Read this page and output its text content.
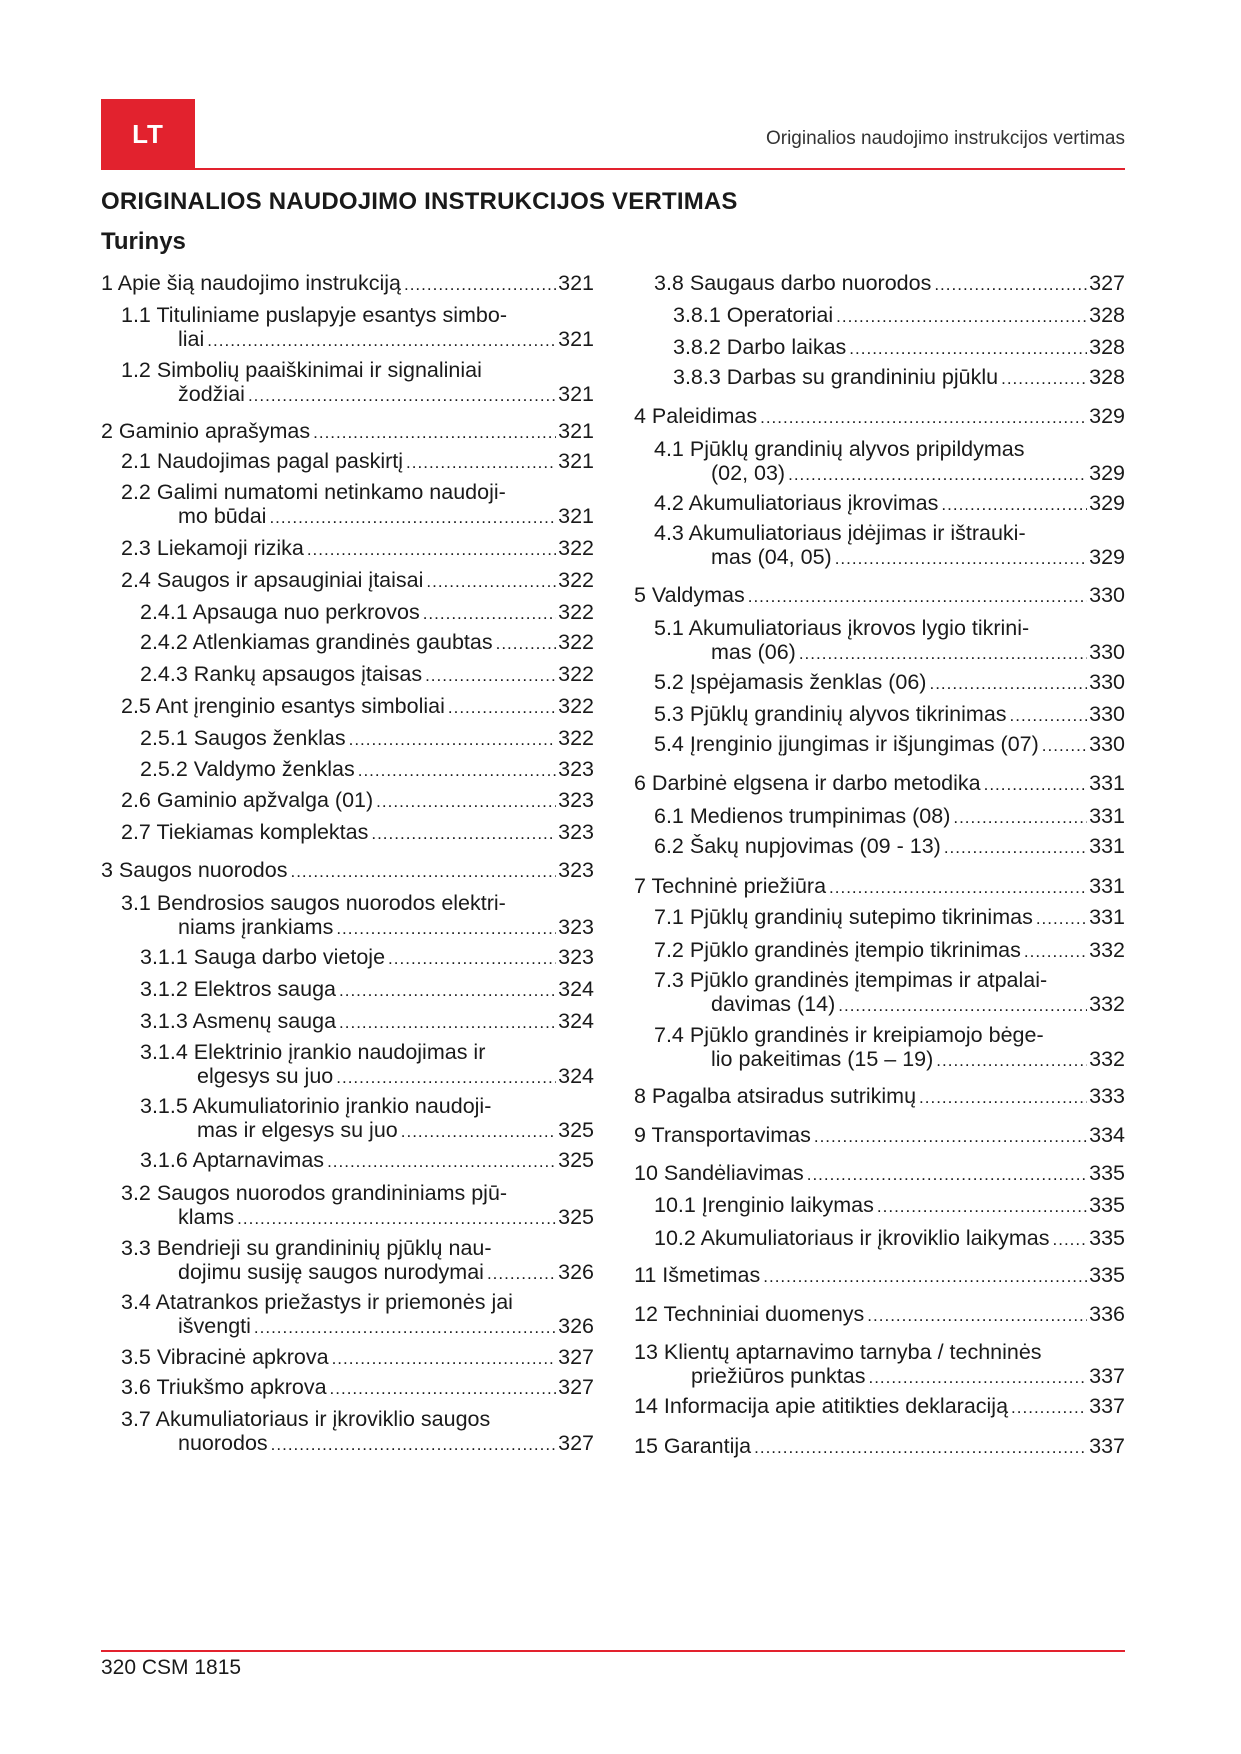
LT	Originalios naudojimo instrukcijos vertimas
ORIGINALIOS NAUDOJIMO INSTRUKCIJOS VERTIMAS
Turinys
1 Apie šią naudojimo instrukciją .....	321
1.1 Tituliniame puslapyje esantys simbo-
liai .....	321
1.2 Simbolių paaiškinimai ir signaliniai
žodžiai .....	321
2 Gaminio aprašymas .....	321
2.1 Naudojimas pagal paskirtį .....	321
2.2 Galimi numatomi netinkamo naudoji-
mo būdai .....	321
2.3 Liekamoji rizika .....	322
2.4 Saugos ir apsauginiai įtaisai .....	322
2.4.1 Apsauga nuo perkrovos .....	322
2.4.2 Atlenkiamas grandinės gaubtas .....	322
2.4.3 Rankų apsaugos įtaisas .....	322
2.5 Ant įrenginio esantys simboliai .....	322
2.5.1 Saugos ženklas .....	322
2.5.2 Valdymo ženklas .....	323
2.6 Gaminio apžvalga (01) .....	323
2.7 Tiekiamas komplektas .....	323
3 Saugos nuorodos .....	323
3.1 Bendrosios saugos nuorodos elektri-
niams įrankiams .....	323
3.1.1 Sauga darbo vietoje .....	323
3.1.2 Elektros sauga .....	324
3.1.3 Asmenų sauga .....	324
3.1.4 Elektrinio įrankio naudojimas ir
elgesys su juo .....	324
3.1.5 Akumuliatorinio įrankio naudoji-
mas ir elgesys su juo .....	325
3.1.6 Aptarnavimas .....	325
3.2 Saugos nuorodos grandininiams pjū-
klams .....	325
3.3 Bendrieji su grandininių pjūklų nau-
dojimu susiję saugos nurodymai .....	326
3.4 Atatrankos priežastys ir priemonės jai
išvengti .....	326
3.5 Vibracinė apkrova .....	327
3.6 Triukšmo apkrova .....	327
3.7 Akumuliatoriaus ir įkroviklio saugos
nuorodos .....	327
3.8 Saugaus darbo nuorodos .....	327
3.8.1 Operatoriai .....	328
3.8.2 Darbo laikas .....	328
3.8.3 Darbas su grandininiu pjūklu .....	328
4 Paleidimas .....	329
4.1 Pjūklų grandinių alyvos pripildymas
(02, 03) .....	329
4.2 Akumuliatoriaus įkrovimas .....	329
4.3 Akumuliatoriaus įdėjimas ir ištrauki-
mas (04, 05) .....	329
5 Valdymas .....	330
5.1 Akumuliatoriaus įkrovos lygio tikrini-
mas (06) .....	330
5.2 Įspėjamasis ženklas (06) .....	330
5.3 Pjūklų grandinių alyvos tikrinimas .....	330
5.4 Įrenginio įjungimas ir išjungimas (07) ..... 330
6 Darbinė elgsena ir darbo metodika .....	331
6.1 Medienos trumpinimas (08) .....	331
6.2 Šakų nupjovimas (09 - 13) .....	331
7 Techninė priežiūra .....	331
7.1 Pjūklų grandinių sutepimo tikrinimas .....	331
7.2 Pjūklo grandinės įtempio tikrinimas .....	332
7.3 Pjūklo grandinės įtempimas ir atpalai-
davimas (14) .....	332
7.4 Pjūklo grandinės ir kreipiamojo bėge-
lio pakeitimas (15 – 19) .....	332
8 Pagalba atsiradus sutrikimų .....	333
9 Transportavimas .....	334
10 Sandėliavimas .....	335
10.1 Įrenginio laikymas .....	335
10.2 Akumuliatoriaus ir įkroviklio laikymas ..... 335
11 Išmetimas .....	335
12 Techniniai duomenys .....	336
13 Klientų aptarnavimo tarnyba / techninės
priežiūros punktas .....	337
14 Informacija apie atitikties deklaraciją .....	337
15 Garantija .....	337
320 CSM 1815
